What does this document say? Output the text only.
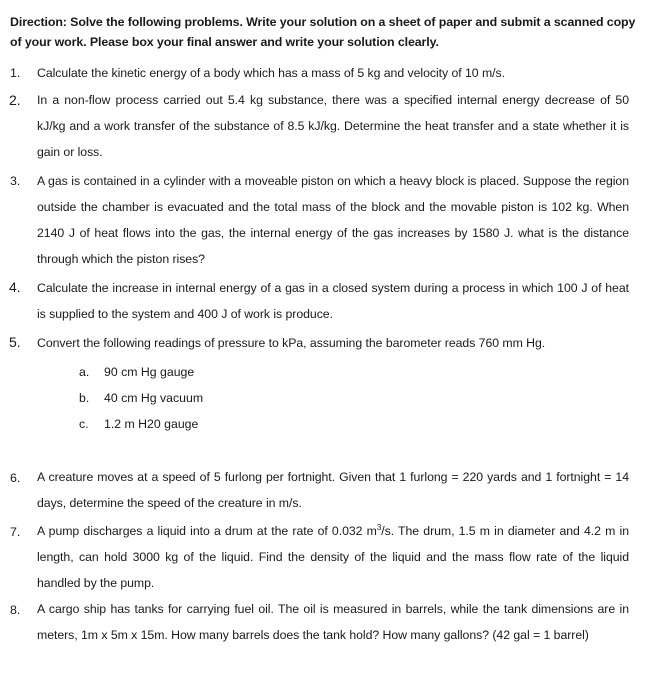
Direction: Solve the following problems. Write your solution on a sheet of paper and submit a scanned copy of your work. Please box your final answer and write your solution clearly.
1. Calculate the kinetic energy of a body which has a mass of 5 kg and velocity of 10 m/s.
2. In a non-flow process carried out 5.4 kg substance, there was a specified internal energy decrease of 50 kJ/kg and a work transfer of the substance of 8.5 kJ/kg. Determine the heat transfer and a state whether it is gain or loss.
3. A gas is contained in a cylinder with a moveable piston on which a heavy block is placed. Suppose the region outside the chamber is evacuated and the total mass of the block and the movable piston is 102 kg. When 2140 J of heat flows into the gas, the internal energy of the gas increases by 1580 J. what is the distance through which the piston rises?
4. Calculate the increase in internal energy of a gas in a closed system during a process in which 100 J of heat is supplied to the system and 400 J of work is produce.
5. Convert the following readings of pressure to kPa, assuming the barometer reads 760 mm Hg.
a. 90 cm Hg gauge
b. 40 cm Hg vacuum
c. 1.2 m H20 gauge
6. A creature moves at a speed of 5 furlong per fortnight. Given that 1 furlong = 220 yards and 1 fortnight = 14 days, determine the speed of the creature in m/s.
7. A pump discharges a liquid into a drum at the rate of 0.032 $m^3/s$. The drum, 1.5 m in diameter and 4.2 m in length, can hold 3000 kg of the liquid. Find the density of the liquid and the mass flow rate of the liquid handled by the pump.
8. A cargo ship has tanks for carrying fuel oil. The oil is measured in barrels, while the tank dimensions are in meters, 1m x 5m x 15m. How many barrels does the tank hold? How many gallons? (42 gal = 1 barrel)
